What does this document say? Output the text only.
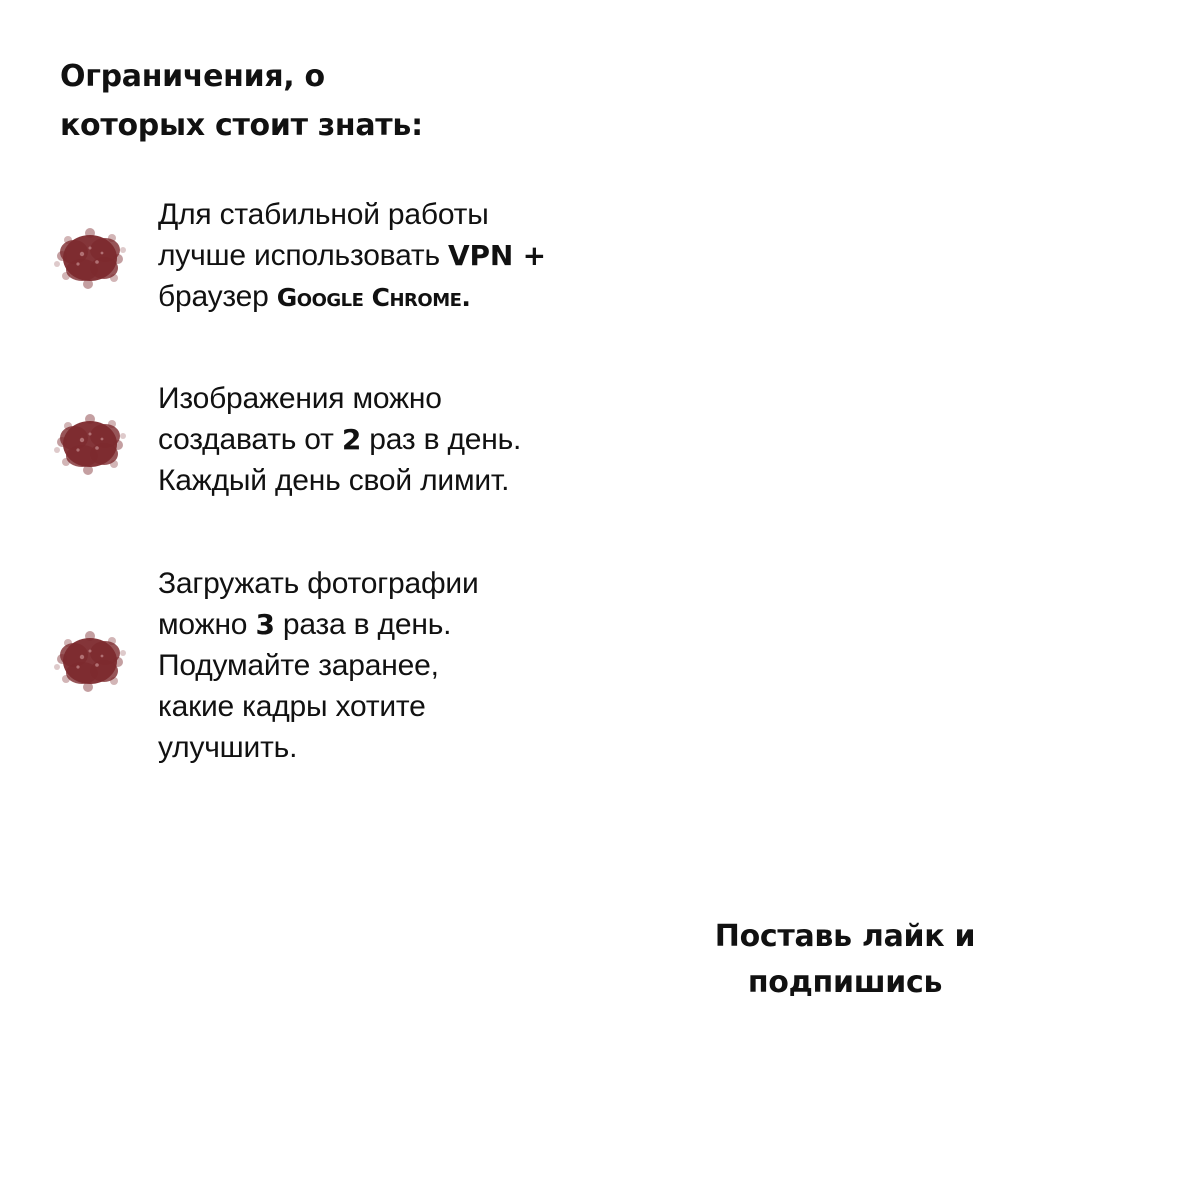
Ограничения, о
которых стоит знать:

Для стабильной работы
лучше использовать VPN +
браузер Google Chrome.

Изображения можно
создавать от 2 раз в день.
Каждый день свой лимит.

Загружать фотографии
можно 3 раза в день.
Подумайте заранее,
какие кадры хотите
улучшить.

Поставь лайк и
подпишись
